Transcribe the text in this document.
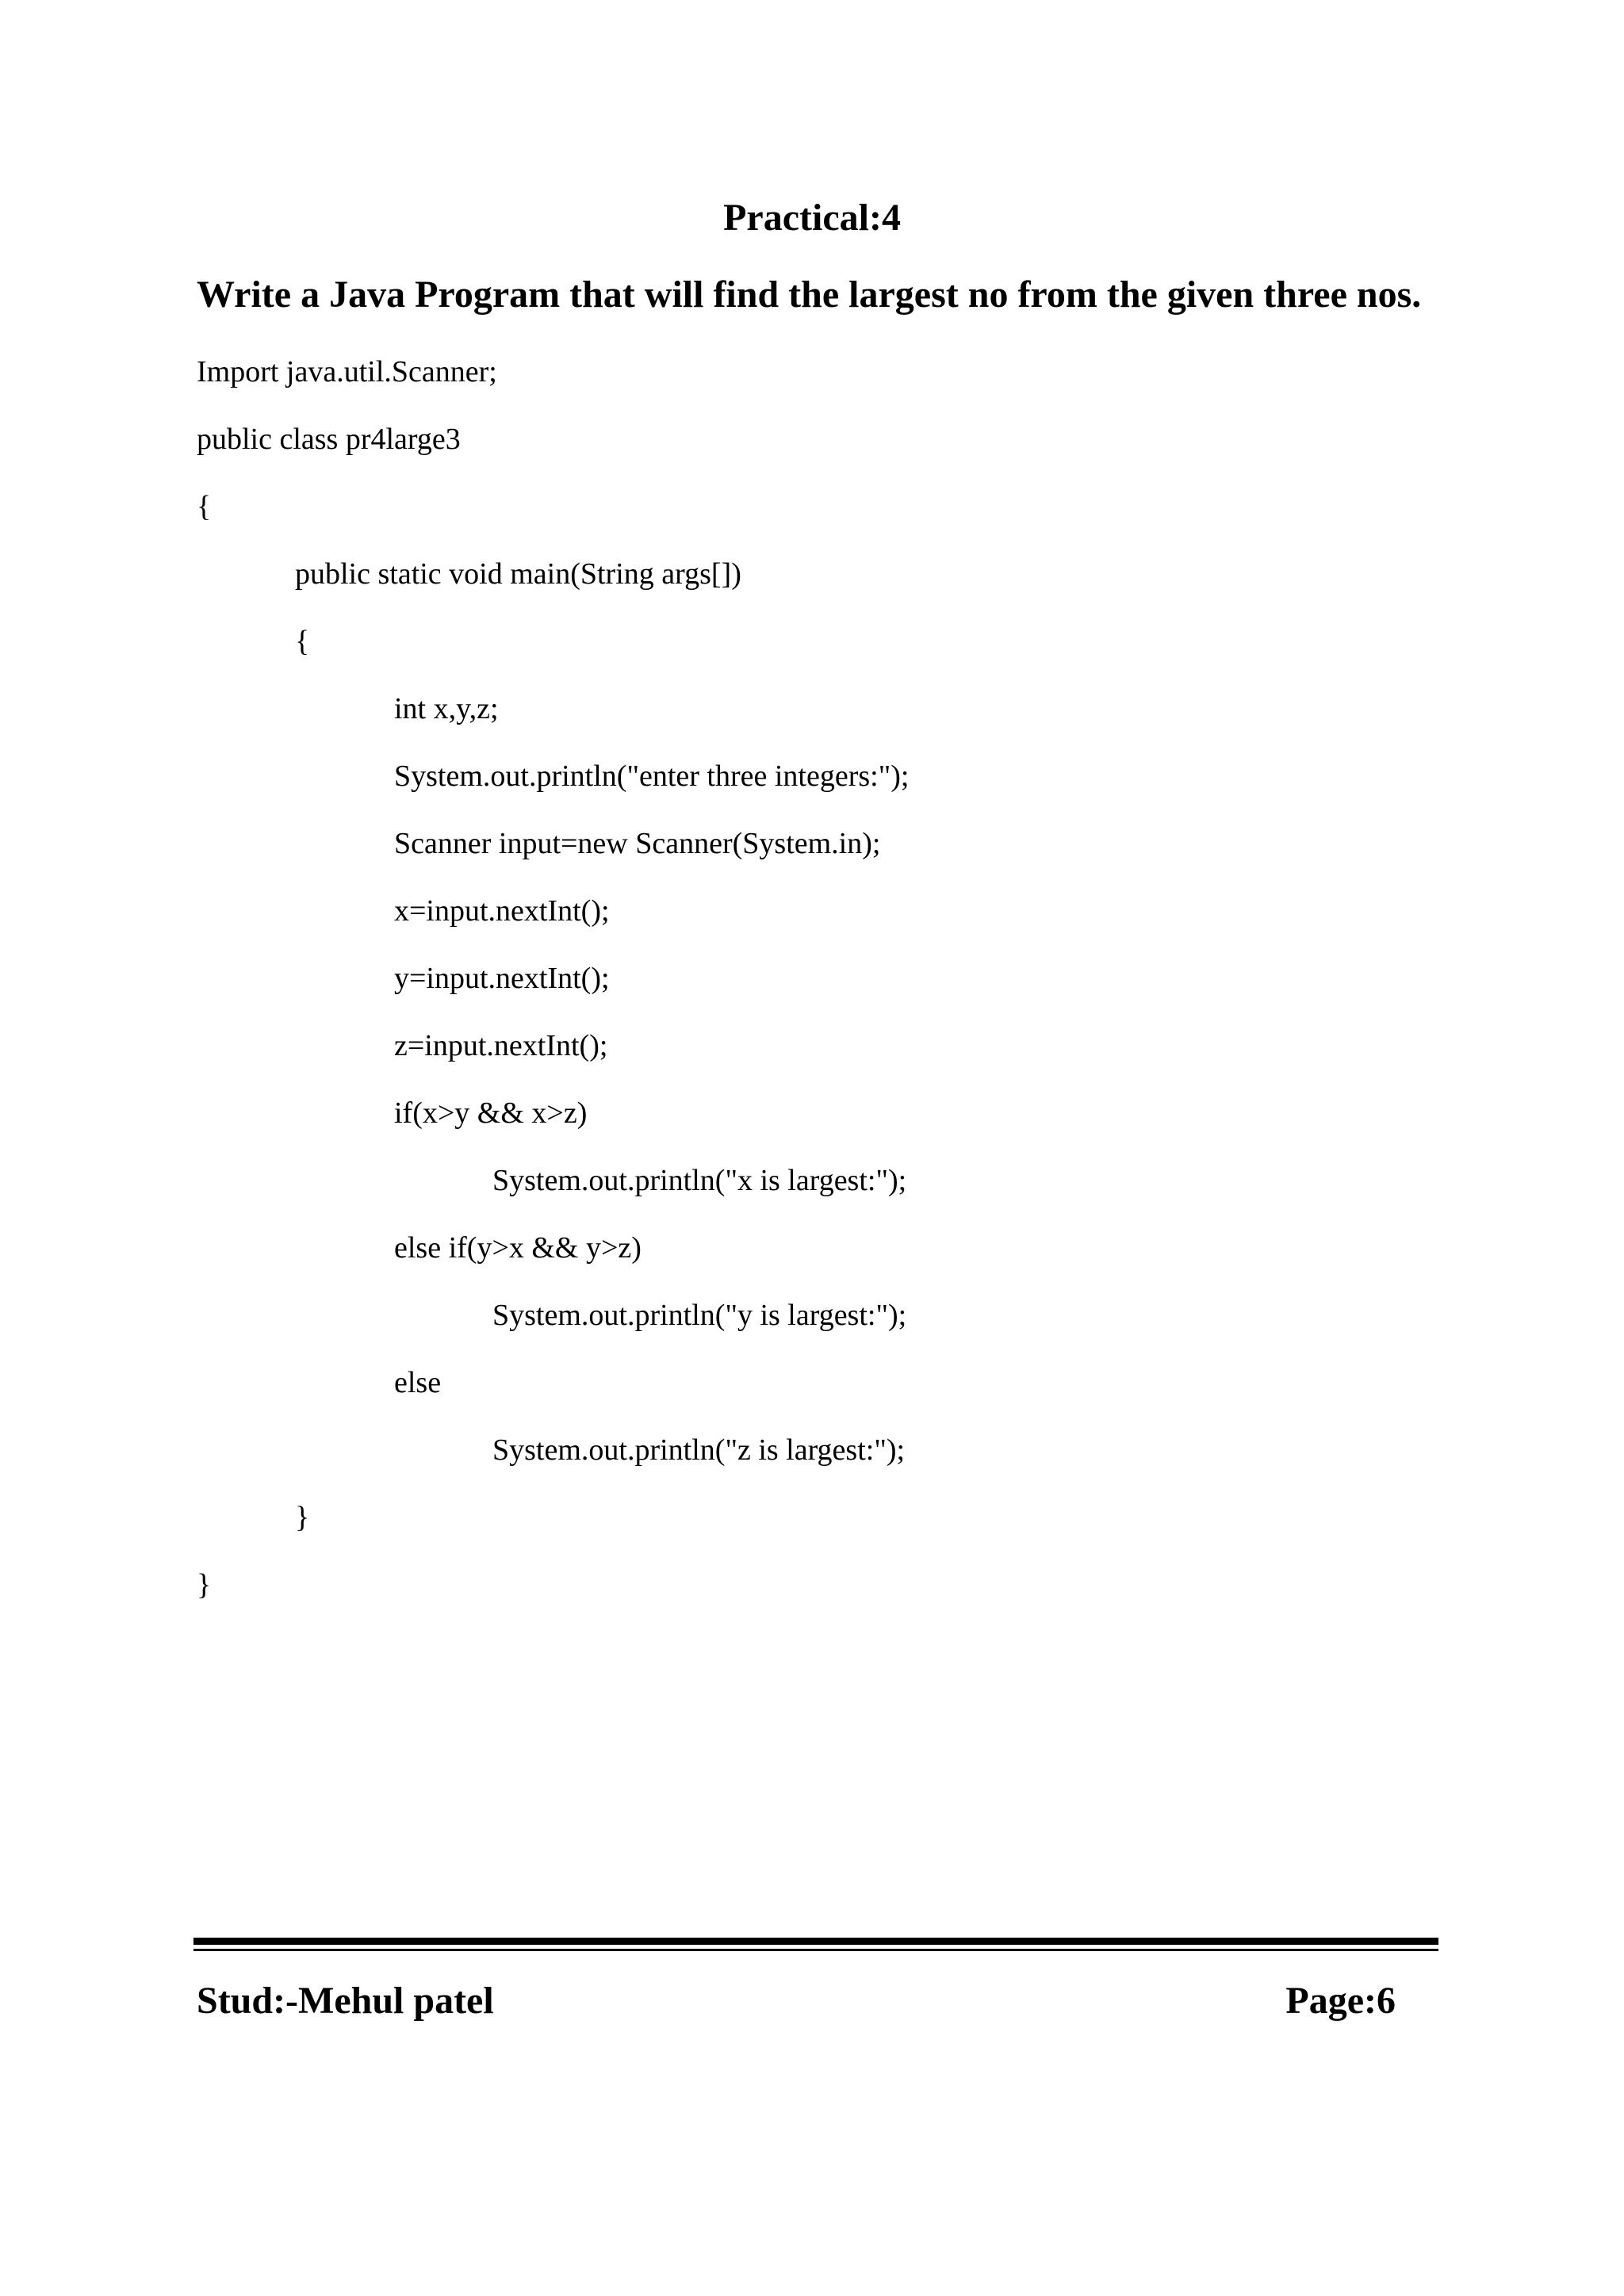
Practical:4
Write a Java Program that will find the largest no from the given three nos.
Import java.util.Scanner;
public class pr4large3
{
public static void main(String args[])
{
int x,y,z;
System.out.println("enter three integers:");
Scanner input=new Scanner(System.in);
x=input.nextInt();
y=input.nextInt();
z=input.nextInt();
if(x>y && x>z)
System.out.println("x is largest:");
else if(y>x && y>z)
System.out.println("y is largest:");
else
System.out.println("z is largest:");
}
}
Stud:-Mehul patel	Page:6
